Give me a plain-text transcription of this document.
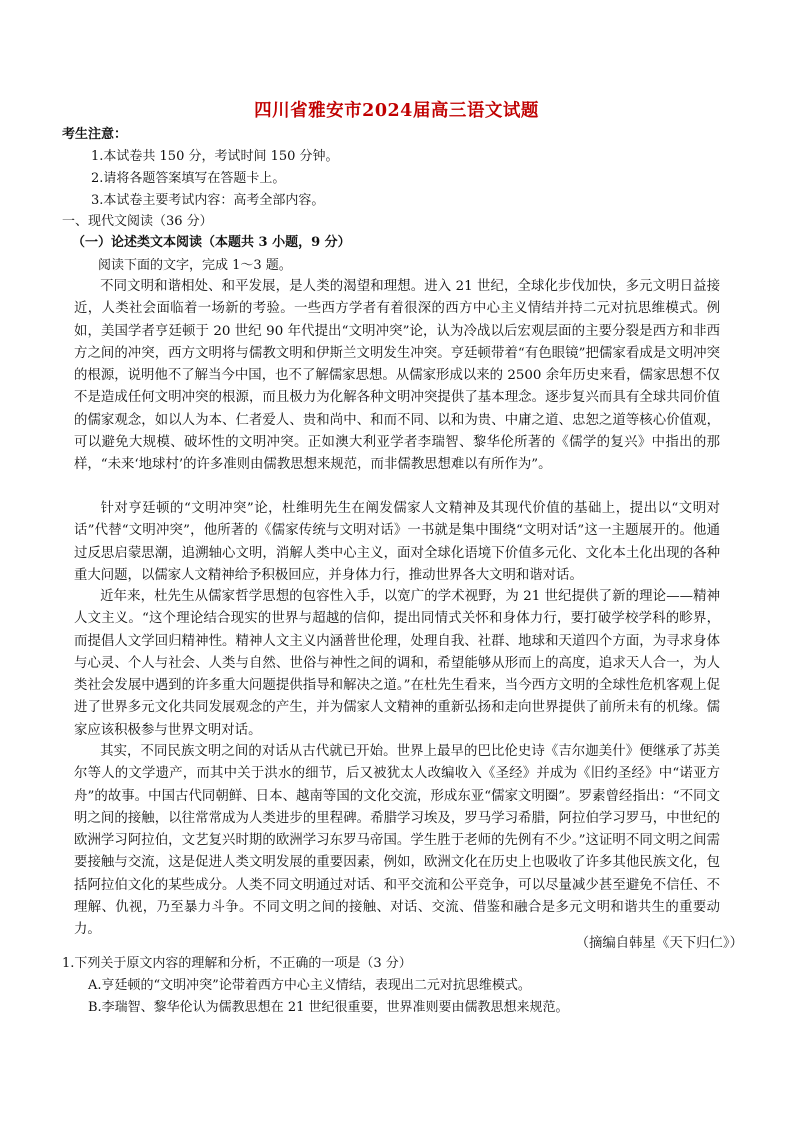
四川省雅安市2024届高三语文试题
考生注意：
1.本试卷共 150 分，考试时间 150 分钟。
2.请将各题答案填写在答题卡上。
3.本试卷主要考试内容：高考全部内容。
一、现代文阅读（36 分）
（一）论述类文本阅读（本题共 3 小题，9 分）
阅读下面的文字，完成 1～3 题。
不同文明和谐相处、和平发展，是人类的渴望和理想。进入 21 世纪，全球化步伐加快，多元文明日益接近，人类社会面临着一场新的考验。一些西方学者有着很深的西方中心主义情结并持二元对抗思维模式。例如，美国学者亨廷顿于 20 世纪 90 年代提出“文明冲突”论，认为冷战以后宏观层面的主要分裂是西方和非西方之间的冲突，西方文明将与儒教文明和伊斯兰文明发生冲突。亨廷顿带着“有色眼镜”把儒家看成是文明冲突的根源，说明他不了解当今中国，也不了解儒家思想。从儒家形成以来的 2500 余年历史来看，儒家思想不仅不是造成任何文明冲突的根源，而且极力为化解各种文明冲突提供了基本理念。逐步复兴而具有全球共同价值的儒家观念，如以人为本、仁者爱人、贵和尚中、和而不同、以和为贵、中庸之道、忠恕之道等核心价值观，可以避免大规模、破坏性的文明冲突。正如澳大利亚学者李瑞智、黎华伦所著的《儒学的复兴》中指出的那样，“未来‘地球村’的许多准则由儒教思想来规范，而非儒教思想难以有所作为”。
针对亨廷顿的“文明冲突”论，杜维明先生在阐发儒家人文精神及其现代价值的基础上，提出以“文明对话”代替“文明冲突”，他所著的《儒家传统与文明对话》一书就是集中围绕“文明对话”这一主题展开的。他通过反思启蒙思潮，追溯轴心文明，消解人类中心主义，面对全球化语境下价值多元化、文化本土化出现的各种重大问题，以儒家人文精神给予积极回应，并身体力行，推动世界各大文明和谐对话。
近年来，杜先生从儒家哲学思想的包容性入手，以宽广的学术视野，为 21 世纪提供了新的理论——精神人文主义。“这个理论结合现实的世界与超越的信仰，提出同情式关怀和身体力行，要打破学校学科的畛界，而提倡人文学回归精神性。精神人文主义内涵普世伦理，处理自我、社群、地球和天道四个方面，为寻求身体与心灵、个人与社会、人类与自然、世俗与神性之间的调和，希望能够从形而上的高度，追求天人合一，为人类社会发展中遇到的许多重大问题提供指导和解决之道。”在杜先生看来，当今西方文明的全球性危机客观上促进了世界多元文化共同发展观念的产生，并为儒家人文精神的重新弘扬和走向世界提供了前所未有的机缘。儒家应该积极参与世界文明对话。
其实，不同民族文明之间的对话从古代就已开始。世界上最早的巴比伦史诗《吉尔迦美什》便继承了苏美尔等人的文学遗产，而其中关于洪水的细节，后又被犹太人改编收入《圣经》并成为《旧约圣经》中“诺亚方舟”的故事。中国古代同朝鲜、日本、越南等国的文化交流，形成东亚“儒家文明圈”。罗素曾经指出：“不同文明之间的接触，以往常常成为人类进步的里程碑。希腊学习埃及，罗马学习希腊，阿拉伯学习罗马，中世纪的欧洲学习阿拉伯，文艺复兴时期的欧洲学习东罗马帝国。学生胜于老师的先例有不少。”这证明不同文明之间需要接触与交流，这是促进人类文明发展的重要因素，例如，欧洲文化在历史上也吸收了许多其他民族文化，包括阿拉伯文化的某些成分。人类不同文明通过对话、和平交流和公平竞争，可以尽量减少甚至避免不信任、不理解、仇视，乃至暴力斗争。不同文明之间的接触、对话、交流、借鉴和融合是多元文明和谐共生的重要动力。
（摘编自韩星《天下归仁》）
1.下列关于原文内容的理解和分析，不正确的一项是（3 分）
A.亨廷顿的“文明冲突”论带着西方中心主义情结，表现出二元对抗思维模式。
B.李瑞智、黎华伦认为儒教思想在 21 世纪很重要，世界准则要由儒教思想来规范。
